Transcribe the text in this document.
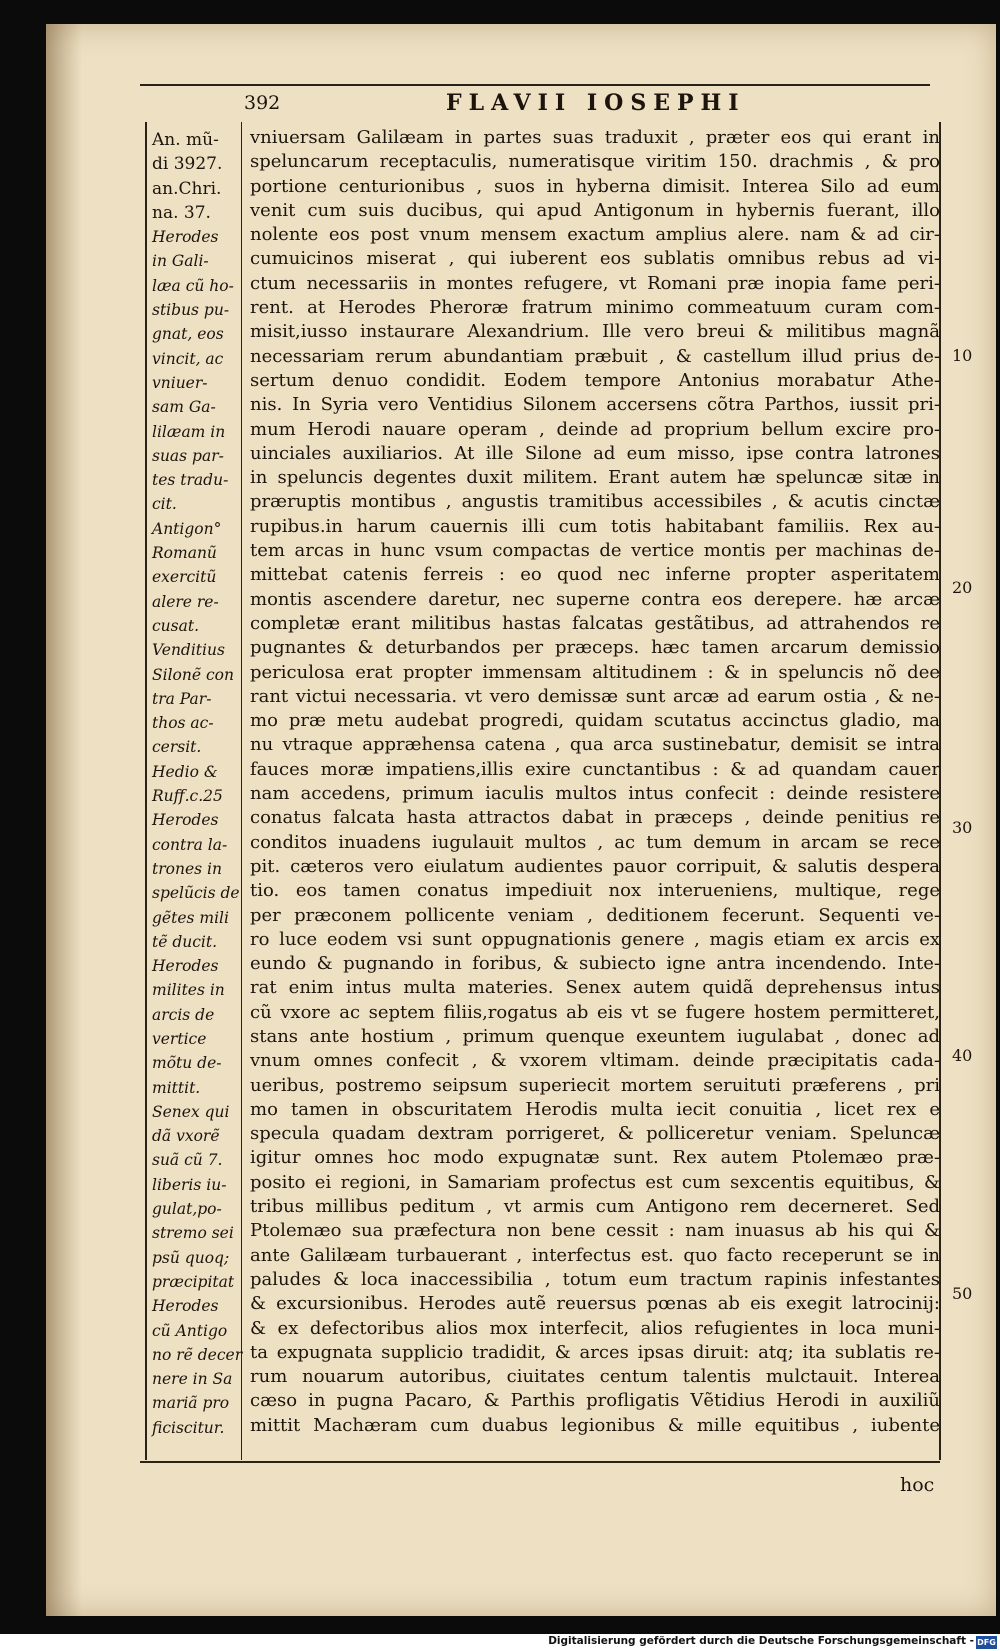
392	FLAVII IOSEPHI
An. mũ-
di 3927.
an.Chri.
na. 37.
Herodes
in Gali-
læa cũ ho-
stibus pu-
gnat, eos
vincit, ac
vniuer-
sam Ga-
lilæam in
suas par-
tes tradu-
cit.
Antigon°
Romanũ
exercitũ
alere re-
cusat.
Venditius
Silonẽ con
tra Par-
thos ac-
cersit.
Hedio &
Ruff.c.25
Herodes
contra la-
trones in
spelũcis de
gẽtes mili
tẽ ducit.
Herodes
milites in
arcis de
vertice
mõtu de-
mittit.
Senex qui
dã vxorẽ
suã cũ 7.
liberis iu-
gulat,po-
stremo sei
psũ quoq;
præcipitat
Herodes
cũ Antigo
no rẽ decer
nere in Sa
mariã pro
ficiscitur.
vniuersam Galilæam in partes suas traduxit , præter eos qui erant in
speluncarum receptaculis, numeratisque viritim 150. drachmis , & pro
portione centurionibus , suos in hyberna dimisit. Interea Silo ad eum
venit cum suis ducibus, qui apud Antigonum in hybernis fuerant, illo
nolente eos post vnum mensem exactum amplius alere. nam & ad cir-
cumuicinos miserat , qui iuberent eos sublatis omnibus rebus ad vi-
ctum necessariis in montes refugere, vt Romani præ inopia fame peri-
rent. at Herodes Pheroræ fratrum minimo commeatuum curam com-
misit,iusso instaurare Alexandrium. Ille vero breui & militibus magnã
necessariam rerum abundantiam præbuit , & castellum illud prius de-
sertum denuo condidit. Eodem tempore Antonius morabatur Athe-
nis. In Syria vero Ventidius Silonem accersens cõtra Parthos, iussit pri-
mum Herodi nauare operam , deinde ad proprium bellum excire pro-
uinciales auxiliarios. At ille Silone ad eum misso, ipse contra latrones
in speluncis degentes duxit militem. Erant autem hæ speluncæ sitæ in
præruptis montibus , angustis tramitibus accessibiles , & acutis cinctæ
rupibus.in harum cauernis illi cum totis habitabant familiis. Rex au-
tem arcas in hunc vsum compactas de vertice montis per machinas de-
mittebat catenis ferreis : eo quod nec inferne propter asperitatem
montis ascendere daretur, nec superne contra eos derepere. hæ arcæ
completæ erant militibus hastas falcatas gestãtibus, ad attrahendos re
pugnantes & deturbandos per præceps. hæc tamen arcarum demissio
periculosa erat propter immensam altitudinem : & in speluncis nõ dee
rant victui necessaria. vt vero demissæ sunt arcæ ad earum ostia , & ne-
mo præ metu audebat progredi, quidam scutatus accinctus gladio, ma
nu vtraque appræhensa catena , qua arca sustinebatur, demisit se intra
fauces moræ impatiens,illis exire cunctantibus : & ad quandam cauer
nam accedens, primum iaculis multos intus confecit : deinde resistere
conatus falcata hasta attractos dabat in præceps , deinde penitius re
conditos inuadens iugulauit multos , ac tum demum in arcam se rece
pit. cæteros vero eiulatum audientes pauor corripuit, & salutis despera
tio. eos tamen conatus impediuit nox interueniens, multique, rege
per præconem pollicente veniam , deditionem fecerunt. Sequenti ve-
ro luce eodem vsi sunt oppugnationis genere , magis etiam ex arcis ex
eundo & pugnando in foribus, & subiecto igne antra incendendo. Inte-
rat enim intus multa materies. Senex autem quidã deprehensus intus
cũ vxore ac septem filiis,rogatus ab eis vt se fugere hostem permitteret,
stans ante hostium , primum quenque exeuntem iugulabat , donec ad
vnum omnes confecit , & vxorem vltimam. deinde præcipitatis cada-
ueribus, postremo seipsum superiecit mortem seruituti præferens , pri
mo tamen in obscuritatem Herodis multa iecit conuitia , licet rex e
specula quadam dextram porrigeret, & polliceretur veniam. Speluncæ
igitur omnes hoc modo expugnatæ sunt. Rex autem Ptolemæo præ-
posito ei regioni, in Samariam profectus est cum sexcentis equitibus, &
tribus millibus peditum , vt armis cum Antigono rem decerneret. Sed
Ptolemæo sua præfectura non bene cessit : nam inuasus ab his qui &
ante Galilæam turbauerant , interfectus est. quo facto receperunt se in
paludes & loca inaccessibilia , totum eum tractum rapinis infestantes
& excursionibus. Herodes autẽ reuersus pœnas ab eis exegit latrocinij:
& ex defectoribus alios mox interfecit, alios refugientes in loca muni-
ta expugnata supplicio tradidit, & arces ipsas diruit: atq; ita sublatis re-
rum nouarum autoribus, ciuitates centum talentis mulctauit. Interea
cæso in pugna Pacaro, & Parthis profligatis Vẽtidius Herodi in auxiliũ
mittit Machæram cum duabus legionibus & mille equitibus , iubente
10
20
30
40
50
hoc
Digitalisierung gefördert durch die Deutsche Forschungsgemeinschaft - DFG
